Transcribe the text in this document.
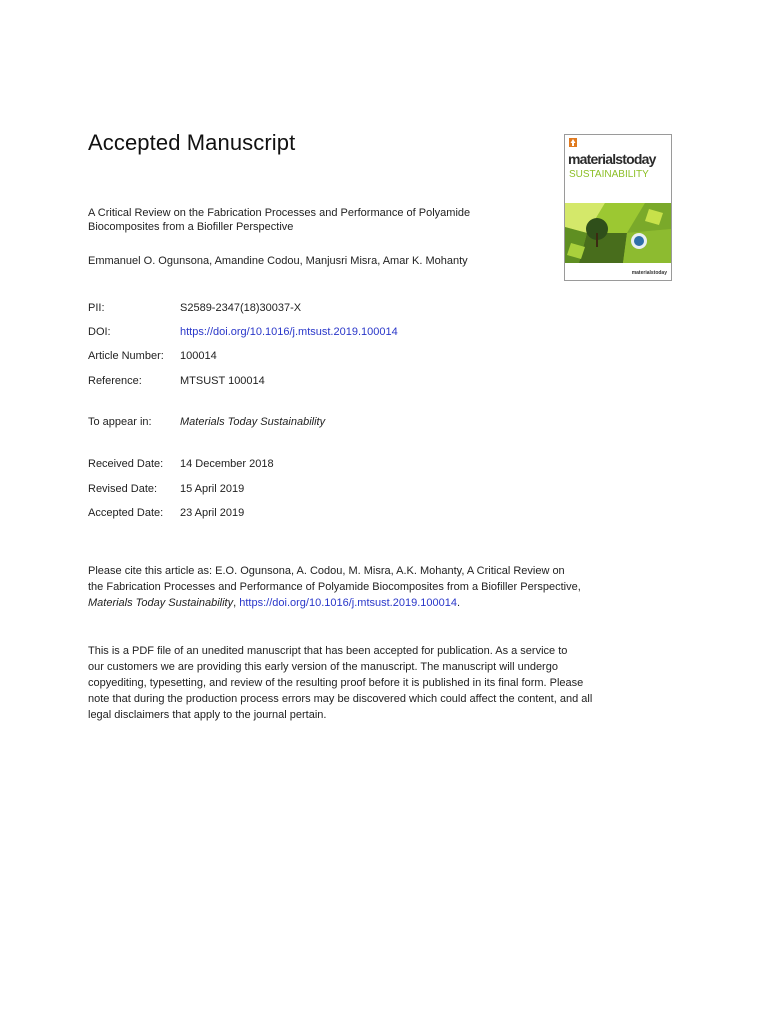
Accepted Manuscript
A Critical Review on the Fabrication Processes and Performance of Polyamide
Biocomposites from a Biofiller Perspective
Emmanuel O. Ogunsona, Amandine Codou, Manjusri Misra, Amar K. Mohanty
PII:	S2589-2347(18)30037-X
DOI:	https://doi.org/10.1016/j.mtsust.2019.100014
Article Number: 100014
Reference:	MTSUST 100014
To appear in:	Materials Today Sustainability
Received Date: 14 December 2018
Revised Date: 15 April 2019
Accepted Date: 23 April 2019
Please cite this article as: E.O. Ogunsona, A. Codou, M. Misra, A.K. Mohanty, A Critical Review on
the Fabrication Processes and Performance of Polyamide Biocomposites from a Biofiller Perspective,
Materials Today Sustainability, https://doi.org/10.1016/j.mtsust.2019.100014.
This is a PDF file of an unedited manuscript that has been accepted for publication. As a service to
our customers we are providing this early version of the manuscript. The manuscript will undergo
copyediting, typesetting, and review of the resulting proof before it is published in its final form. Please
note that during the production process errors may be discovered which could affect the content, and all
legal disclaimers that apply to the journal pertain.
materialstoday
SUSTAINABILITY
materialstoday
